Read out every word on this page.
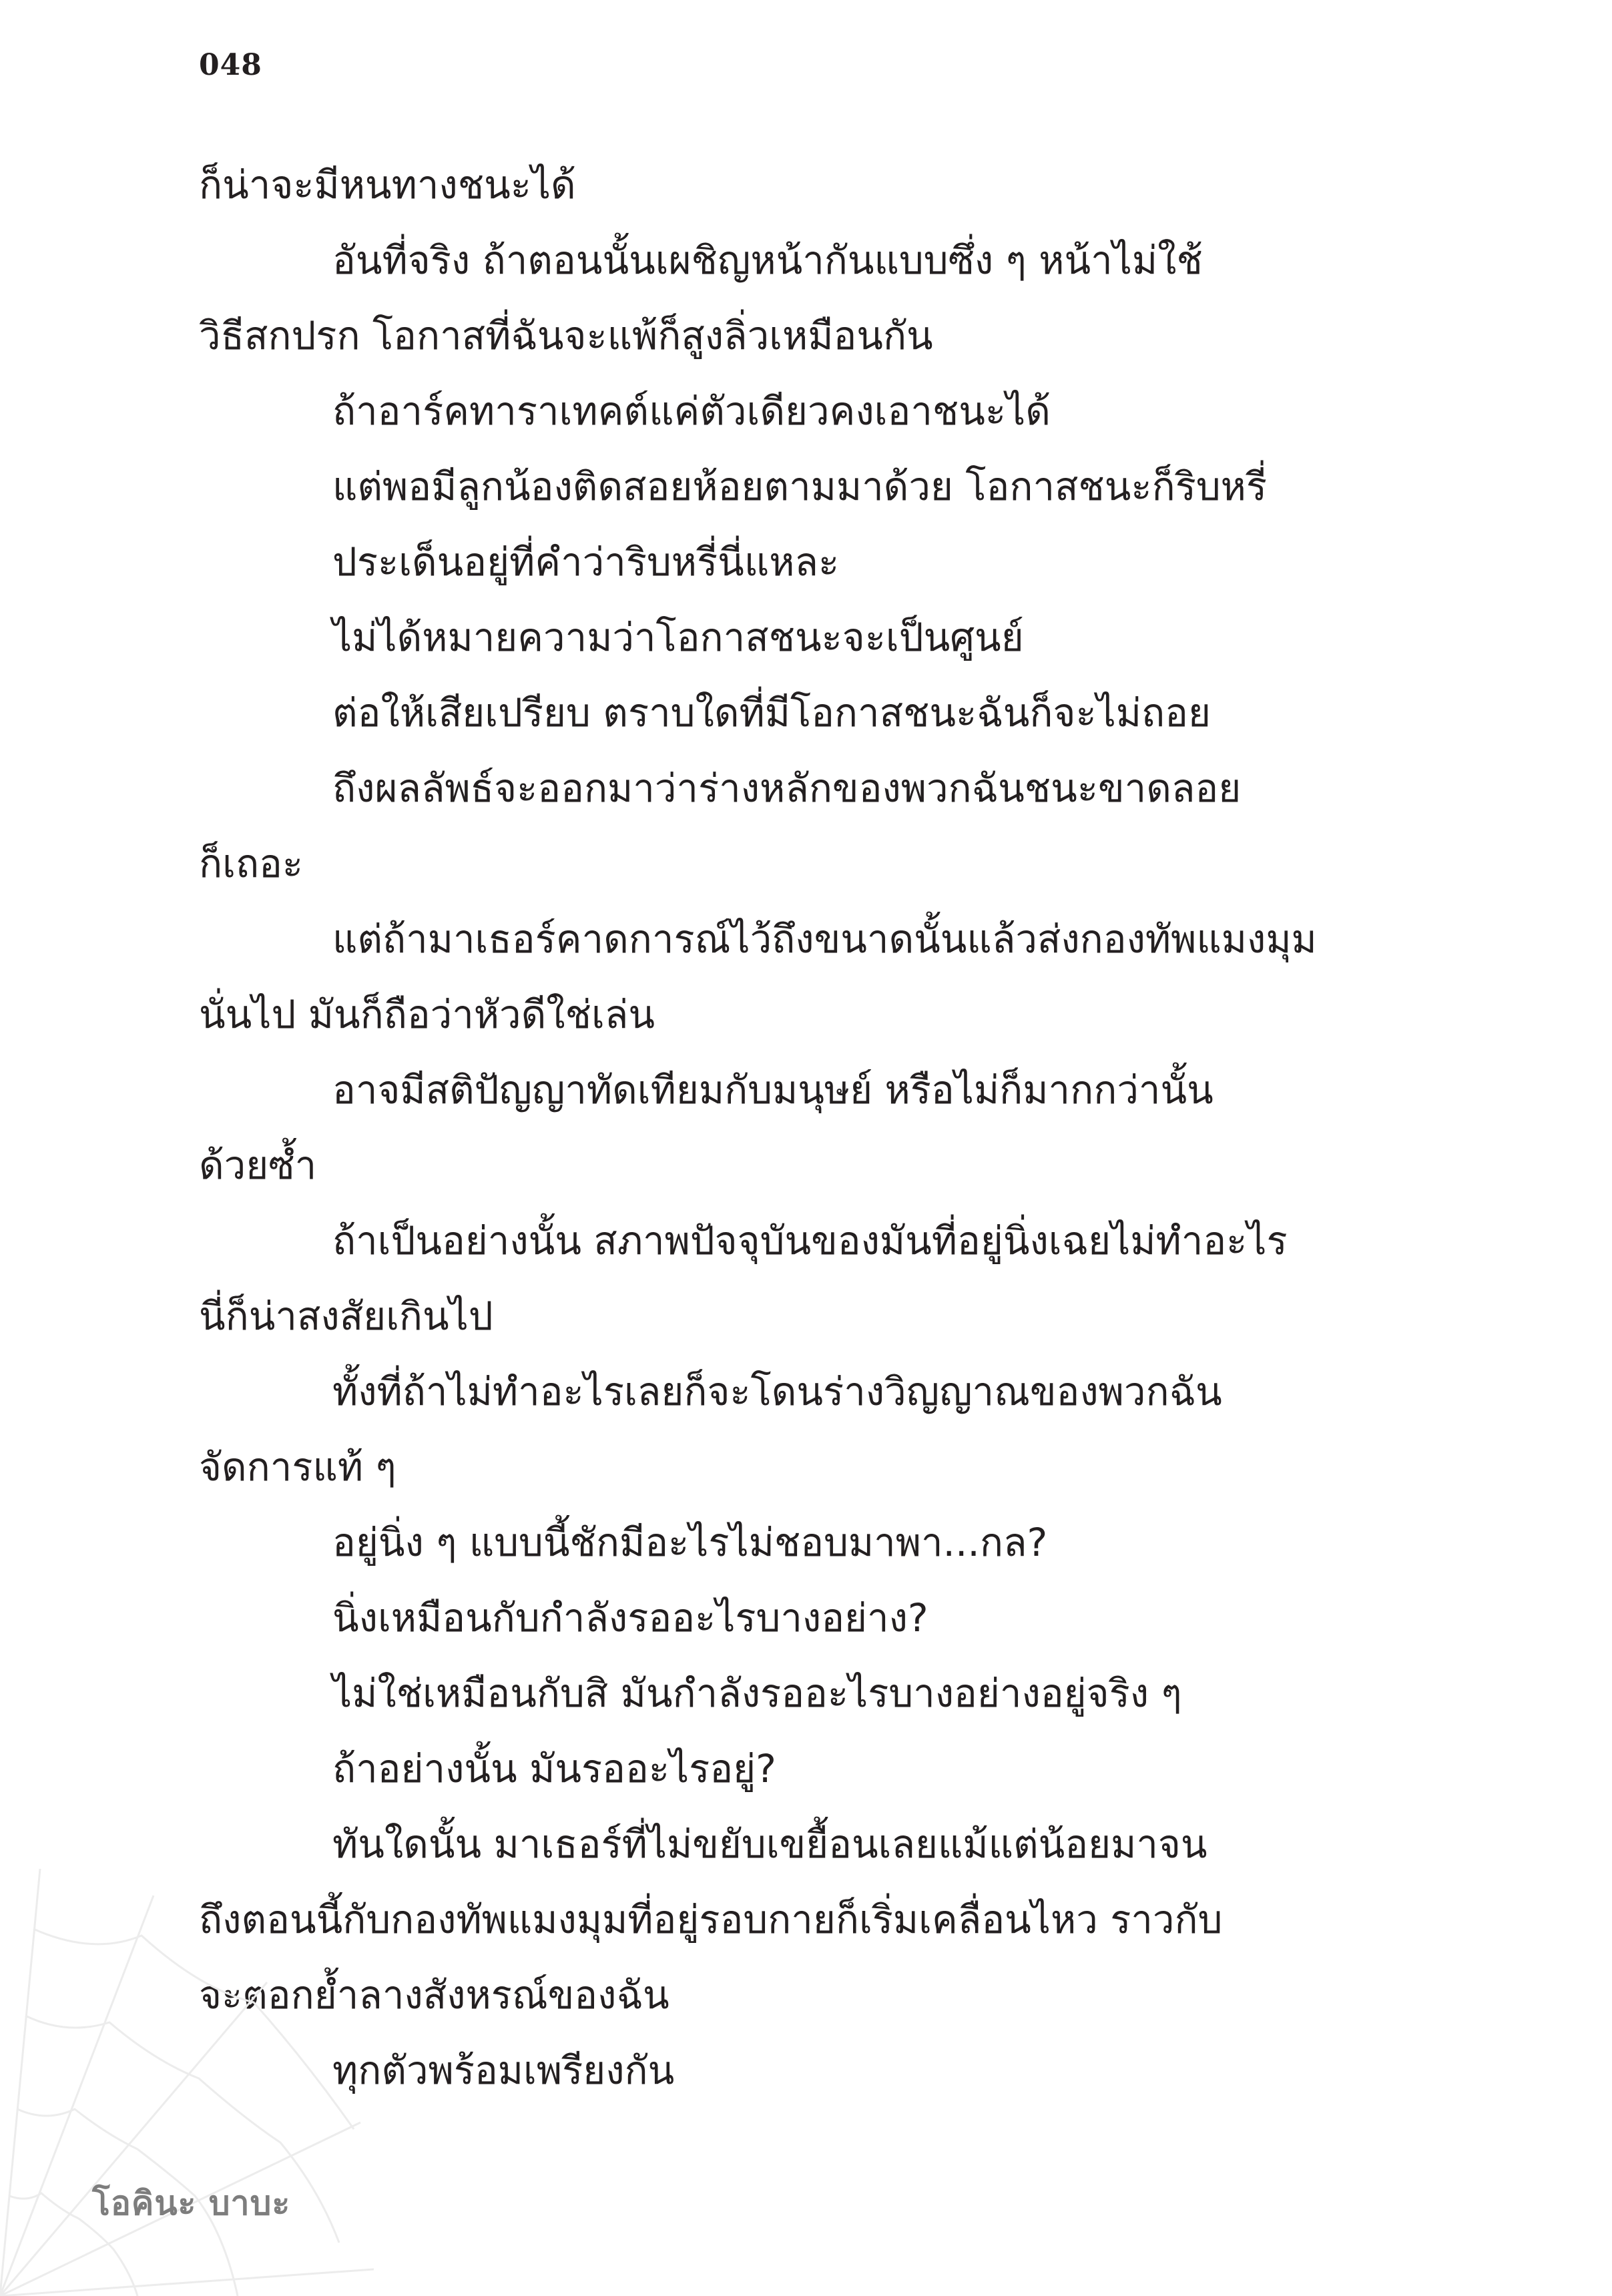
048
ก็น่าจะมีหนทางชนะได้
อันที่จริง ถ้าตอนนั้นเผชิญหน้ากันแบบซึ่ง ๆ หน้าไม่ใช้
วิธีสกปรก โอกาสที่ฉันจะแพ้ก็สูงลิ่วเหมือนกัน
ถ้าอาร์คทาราเทคต์แค่ตัวเดียวคงเอาชนะได้
แต่พอมีลูกน้องติดสอยห้อยตามมาด้วย โอกาสชนะก็ริบหรี่
ประเด็นอยู่ที่คำว่าริบหรี่นี่แหละ
ไม่ได้หมายความว่าโอกาสชนะจะเป็นศูนย์
ต่อให้เสียเปรียบ ตราบใดที่มีโอกาสชนะฉันก็จะไม่ถอย
ถึงผลลัพธ์จะออกมาว่าร่างหลักของพวกฉันชนะขาดลอย
ก็เถอะ
แต่ถ้ามาเธอร์คาดการณ์ไว้ถึงขนาดนั้นแล้วส่งกองทัพแมงมุม
นั่นไป มันก็ถือว่าหัวดีใช่เล่น
อาจมีสติปัญญาทัดเทียมกับมนุษย์ หรือไม่ก็มากกว่านั้น
ด้วยซ้ำ
ถ้าเป็นอย่างนั้น สภาพปัจจุบันของมันที่อยู่นิ่งเฉยไม่ทำอะไร
นี่ก็น่าสงสัยเกินไป
ทั้งที่ถ้าไม่ทำอะไรเลยก็จะโดนร่างวิญญาณของพวกฉัน
จัดการแท้ ๆ
อยู่นิ่ง ๆ แบบนี้ชักมีอะไรไม่ชอบมาพา...กล?
นิ่งเหมือนกับกำลังรออะไรบางอย่าง?
ไม่ใช่เหมือนกับสิ มันกำลังรออะไรบางอย่างอยู่จริง ๆ
ถ้าอย่างนั้น มันรออะไรอยู่?
ทันใดนั้น มาเธอร์ที่ไม่ขยับเขยื้อนเลยแม้แต่น้อยมาจน
ถึงตอนนี้กับกองทัพแมงมุมที่อยู่รอบกายก็เริ่มเคลื่อนไหว ราวกับ
จะตอกย้ำลางสังหรณ์ของฉัน
ทุกตัวพร้อมเพรียงกัน
โอคินะ บาบะ
